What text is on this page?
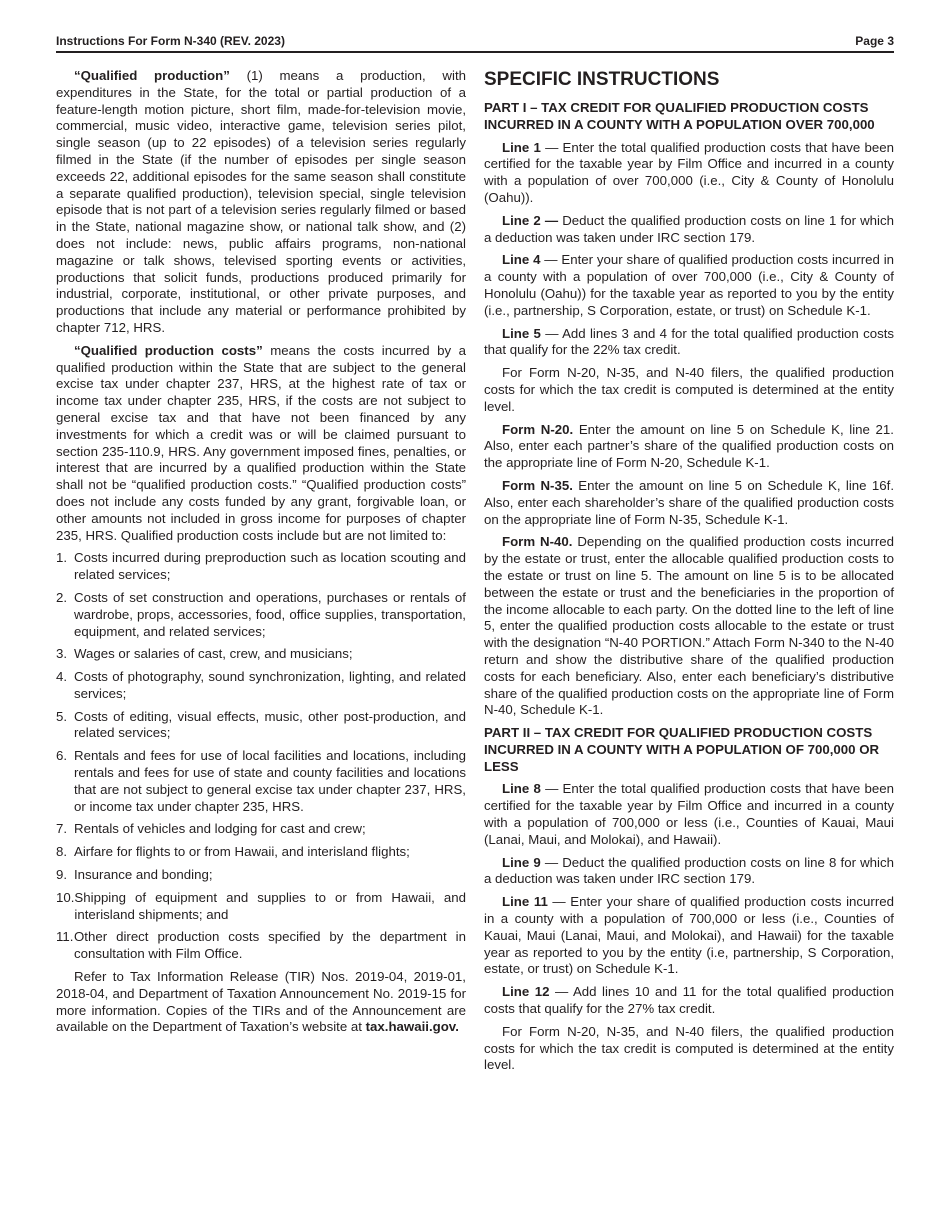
Instructions For Form N-340 (REV. 2023)	Page 3

“Qualified production” (1) means a production, with expenditures in the State, for the total or partial production of a feature-length motion picture, short film, made-for-television movie, commercial, music video, interactive game, television series pilot, single season (up to 22 episodes) of a television series regularly filmed in the State (if the number of episodes per single season exceeds 22, additional episodes for the same season shall constitute a separate qualified production), television special, single television episode that is not part of a television series regularly filmed or based in the State, national magazine show, or national talk show, and (2) does not include: news, public affairs programs, non-national magazine or talk shows, televised sporting events or activities, productions that solicit funds, productions produced primarily for industrial, corporate, institutional, or other private purposes, and productions that include any material or performance prohibited by chapter 712, HRS.

“Qualified production costs” means the costs incurred by a qualified production within the State that are subject to the general excise tax under chapter 237, HRS, at the highest rate of tax or income tax under chapter 235, HRS, if the costs are not subject to general excise tax and that have not been financed by any investments for which a credit was or will be claimed pursuant to section 235-110.9, HRS. Any government imposed fines, penalties, or interest that are incurred by a qualified production within the State shall not be “qualified production costs.” “Qualified production costs” does not include any costs funded by any grant, forgivable loan, or other amounts not included in gross income for purposes of chapter 235, HRS. Qualified production costs include but are not limited to:

1. Costs incurred during preproduction such as location scouting and related services;
2. Costs of set construction and operations, purchases or rentals of wardrobe, props, accessories, food, office supplies, transportation, equipment, and related services;
3. Wages or salaries of cast, crew, and musicians;
4. Costs of photography, sound synchronization, lighting, and related services;
5. Costs of editing, visual effects, music, other post-production, and related services;
6. Rentals and fees for use of local facilities and locations, including rentals and fees for use of state and county facilities and locations that are not subject to general excise tax under chapter 237, HRS, or income tax under chapter 235, HRS.
7. Rentals of vehicles and lodging for cast and crew;
8. Airfare for flights to or from Hawaii, and interisland flights;
9. Insurance and bonding;
10. Shipping of equipment and supplies to or from Hawaii, and interisland shipments; and
11. Other direct production costs specified by the department in consultation with Film Office.

Refer to Tax Information Release (TIR) Nos. 2019-04, 2019-01, 2018-04, and Department of Taxation Announcement No. 2019-15 for more information. Copies of the TIRs and of the Announcement are available on the Department of Taxation’s website at tax.hawaii.gov.

SPECIFIC INSTRUCTIONS

PART I – TAX CREDIT FOR QUALIFIED PRODUCTION COSTS INCURRED IN A COUNTY WITH A POPULATION OVER 700,000

Line 1 — Enter the total qualified production costs that have been certified for the taxable year by Film Office and incurred in a county with a population of over 700,000 (i.e., City & County of Honolulu (Oahu)).

Line 2 — Deduct the qualified production costs on line 1 for which a deduction was taken under IRC section 179.

Line 4 — Enter your share of qualified production costs incurred in a county with a population of over 700,000 (i.e., City & County of Honolulu (Oahu)) for the taxable year as reported to you by the entity (i.e., partnership, S Corporation, estate, or trust) on Schedule K-1.

Line 5 — Add lines 3 and 4 for the total qualified production costs that qualify for the 22% tax credit.

For Form N-20, N-35, and N-40 filers, the qualified production costs for which the tax credit is computed is determined at the entity level.

Form N-20. Enter the amount on line 5 on Schedule K, line 21. Also, enter each partner’s share of the qualified production costs on the appropriate line of Form N-20, Schedule K-1.

Form N-35. Enter the amount on line 5 on Schedule K, line 16f. Also, enter each shareholder’s share of the qualified production costs on the appropriate line of Form N-35, Schedule K-1.

Form N-40. Depending on the qualified production costs incurred by the estate or trust, enter the allocable qualified production costs to the estate or trust on line 5. The amount on line 5 is to be allocated between the estate or trust and the beneficiaries in the proportion of the income allocable to each party. On the dotted line to the left of line 5, enter the qualified production costs allocable to the estate or trust with the designation “N-40 PORTION.” Attach Form N-340 to the N-40 return and show the distributive share of the qualified production costs for each beneficiary. Also, enter each beneficiary’s distributive share of the qualified production costs on the appropriate line of Form N-40, Schedule K-1.

PART II – TAX CREDIT FOR QUALIFIED PRODUCTION COSTS INCURRED IN A COUNTY WITH A POPULATION OF 700,000 OR LESS

Line 8 — Enter the total qualified production costs that have been certified for the taxable year by Film Office and incurred in a county with a population of 700,000 or less (i.e., Counties of Kauai, Maui (Lanai, Maui, and Molokai), and Hawaii).

Line 9 — Deduct the qualified production costs on line 8 for which a deduction was taken under IRC section 179.

Line 11 — Enter your share of qualified production costs incurred in a county with a population of 700,000 or less (i.e., Counties of Kauai, Maui (Lanai, Maui, and Molokai), and Hawaii) for the taxable year as reported to you by the entity (i.e, partnership, S Corporation, estate, or trust) on Schedule K-1.

Line 12 — Add lines 10 and 11 for the total qualified production costs that qualify for the 27% tax credit.

For Form N-20, N-35, and N-40 filers, the qualified production costs for which the tax credit is computed is determined at the entity level.
